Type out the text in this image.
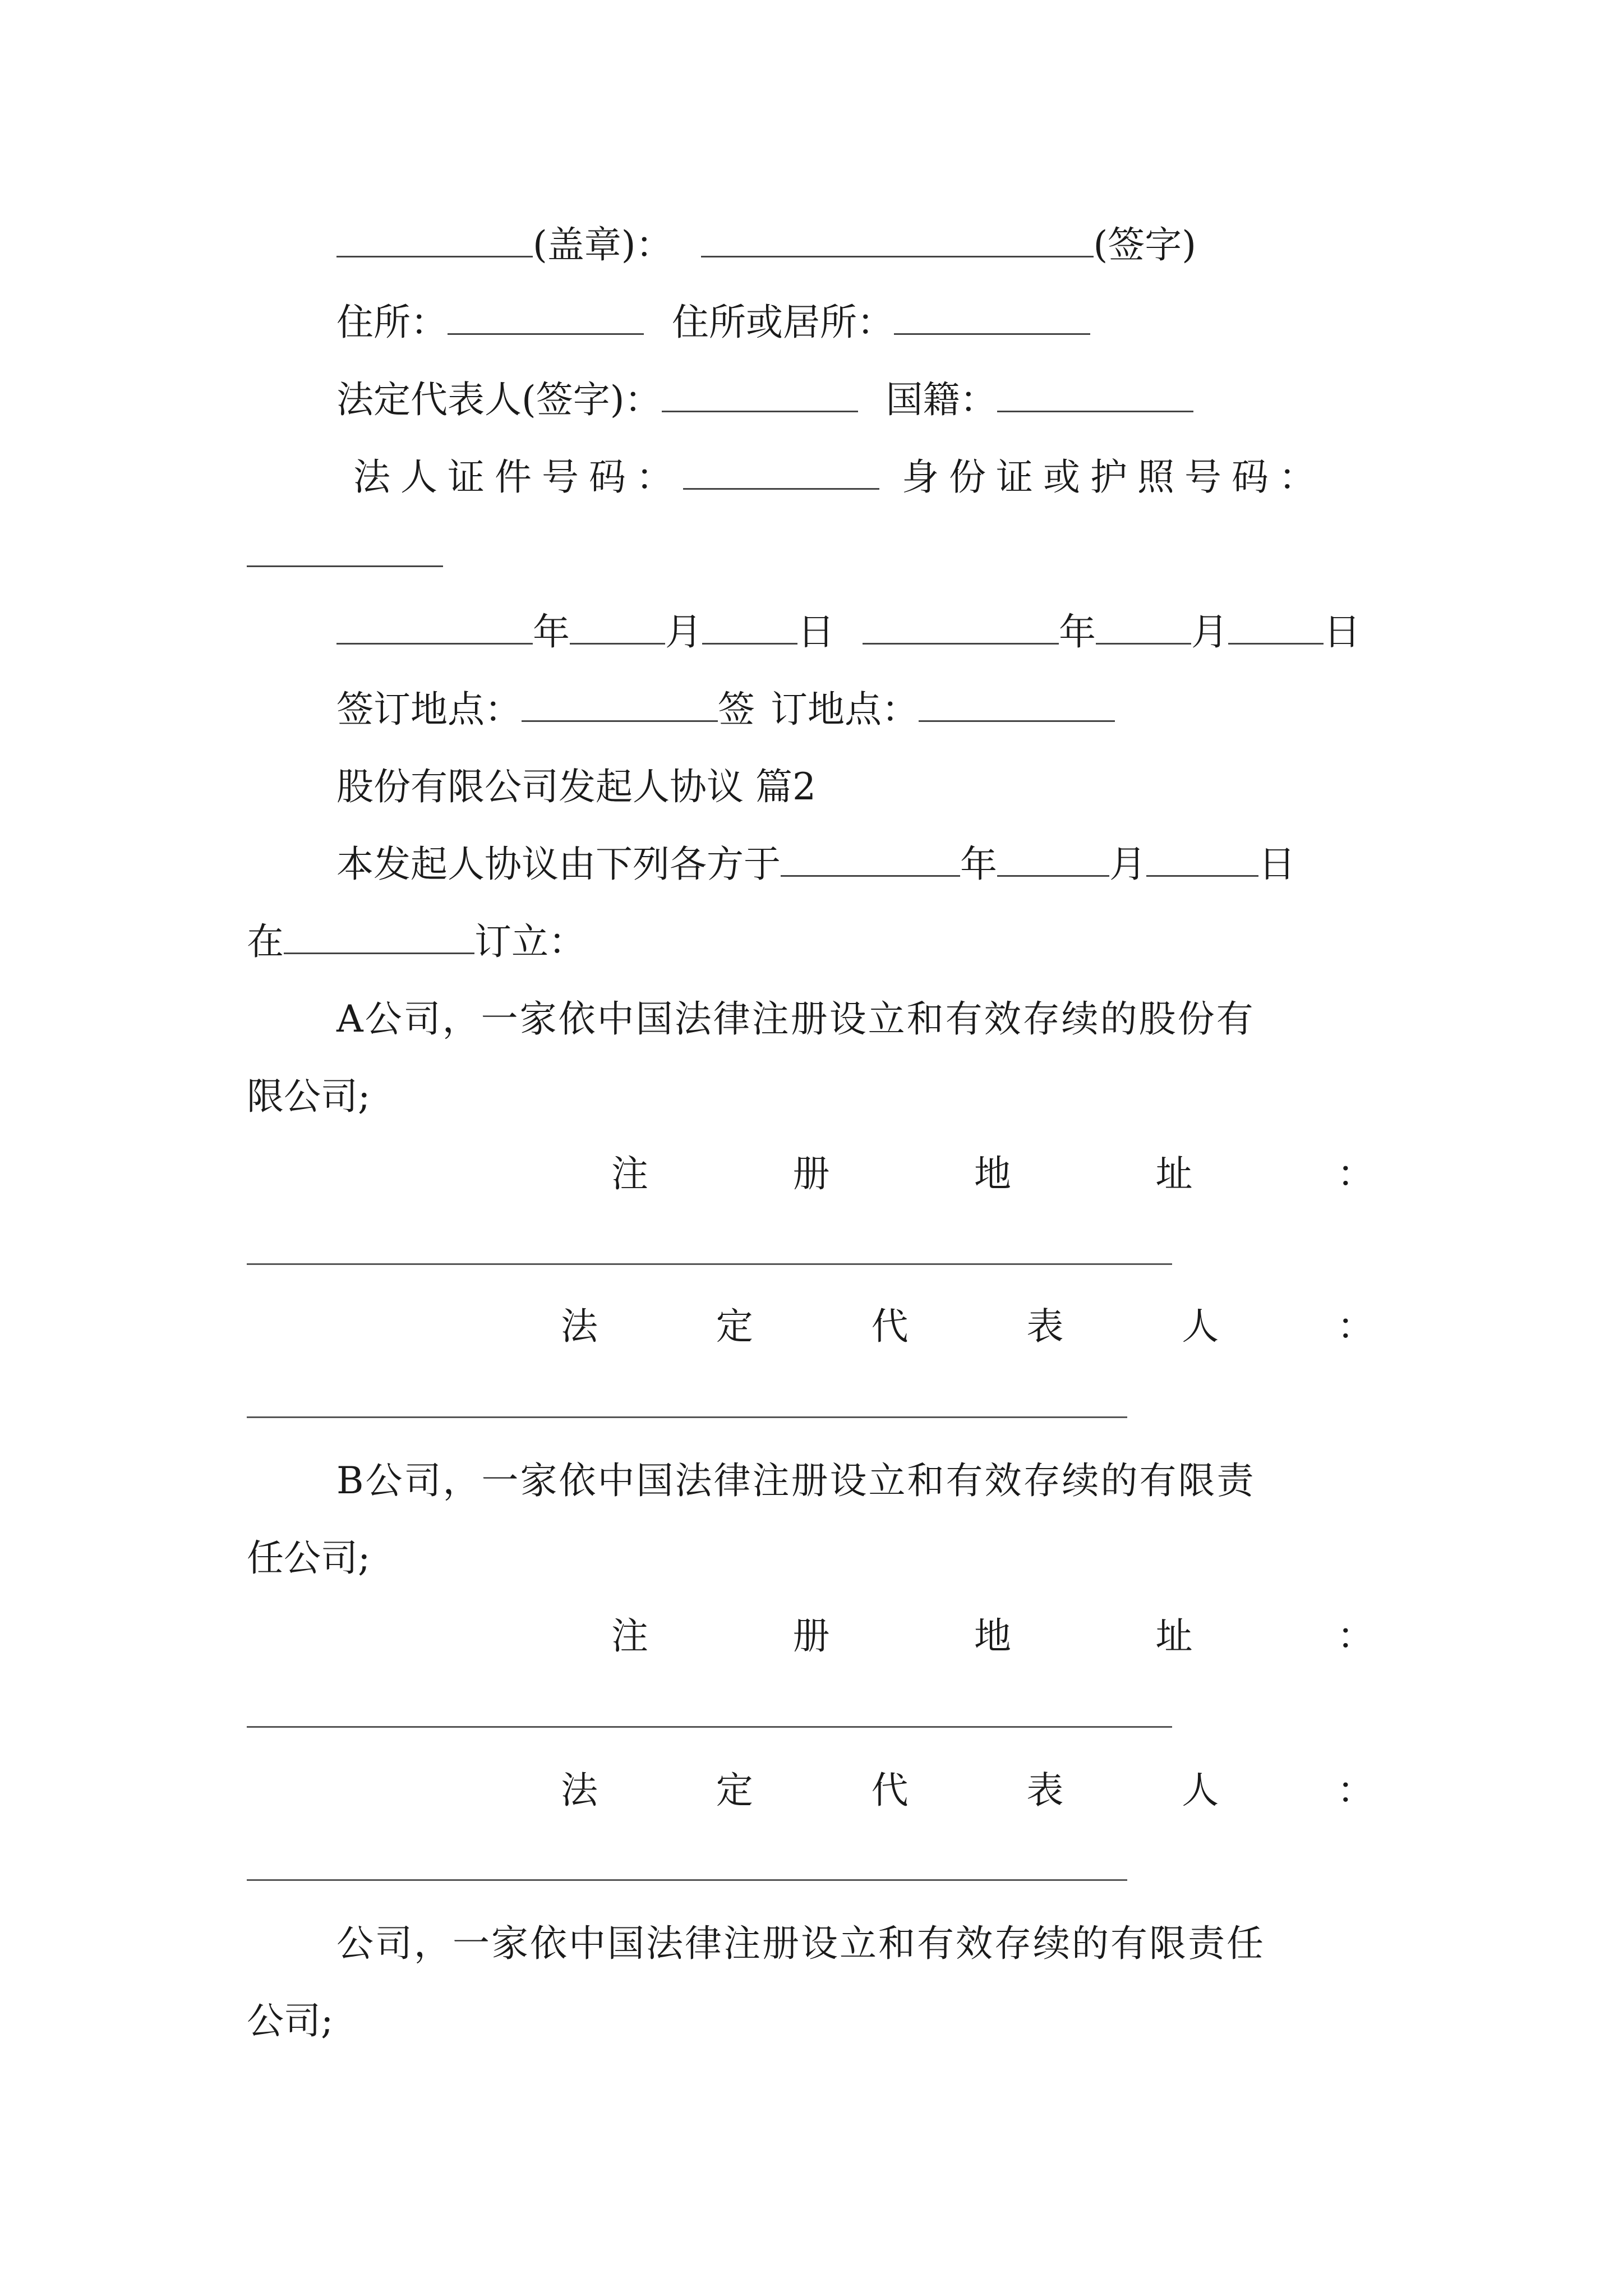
(盖章)：	(签字)
住所：	住所或居所：
法定代表人(签字)：	国籍：
法人证件号码：	身份证或护照号码：
年	月	日	年	月	日
签订地点：	签 订地点：
股份有限公司发起人协议 篇2
本发起人协议由下列各方于	年	月	日
在	订立：
A公司，一家依中国法律注册设立和有效存续的股份有
限公司;
注	册	地	址	：
法	定	代	表	人	：
B公司，一家依中国法律注册设立和有效存续的有限责
任公司;
注	册	地	址	：
法	定	代	表	人	：
公司，一家依中国法律注册设立和有效存续的有限责任
公司;
